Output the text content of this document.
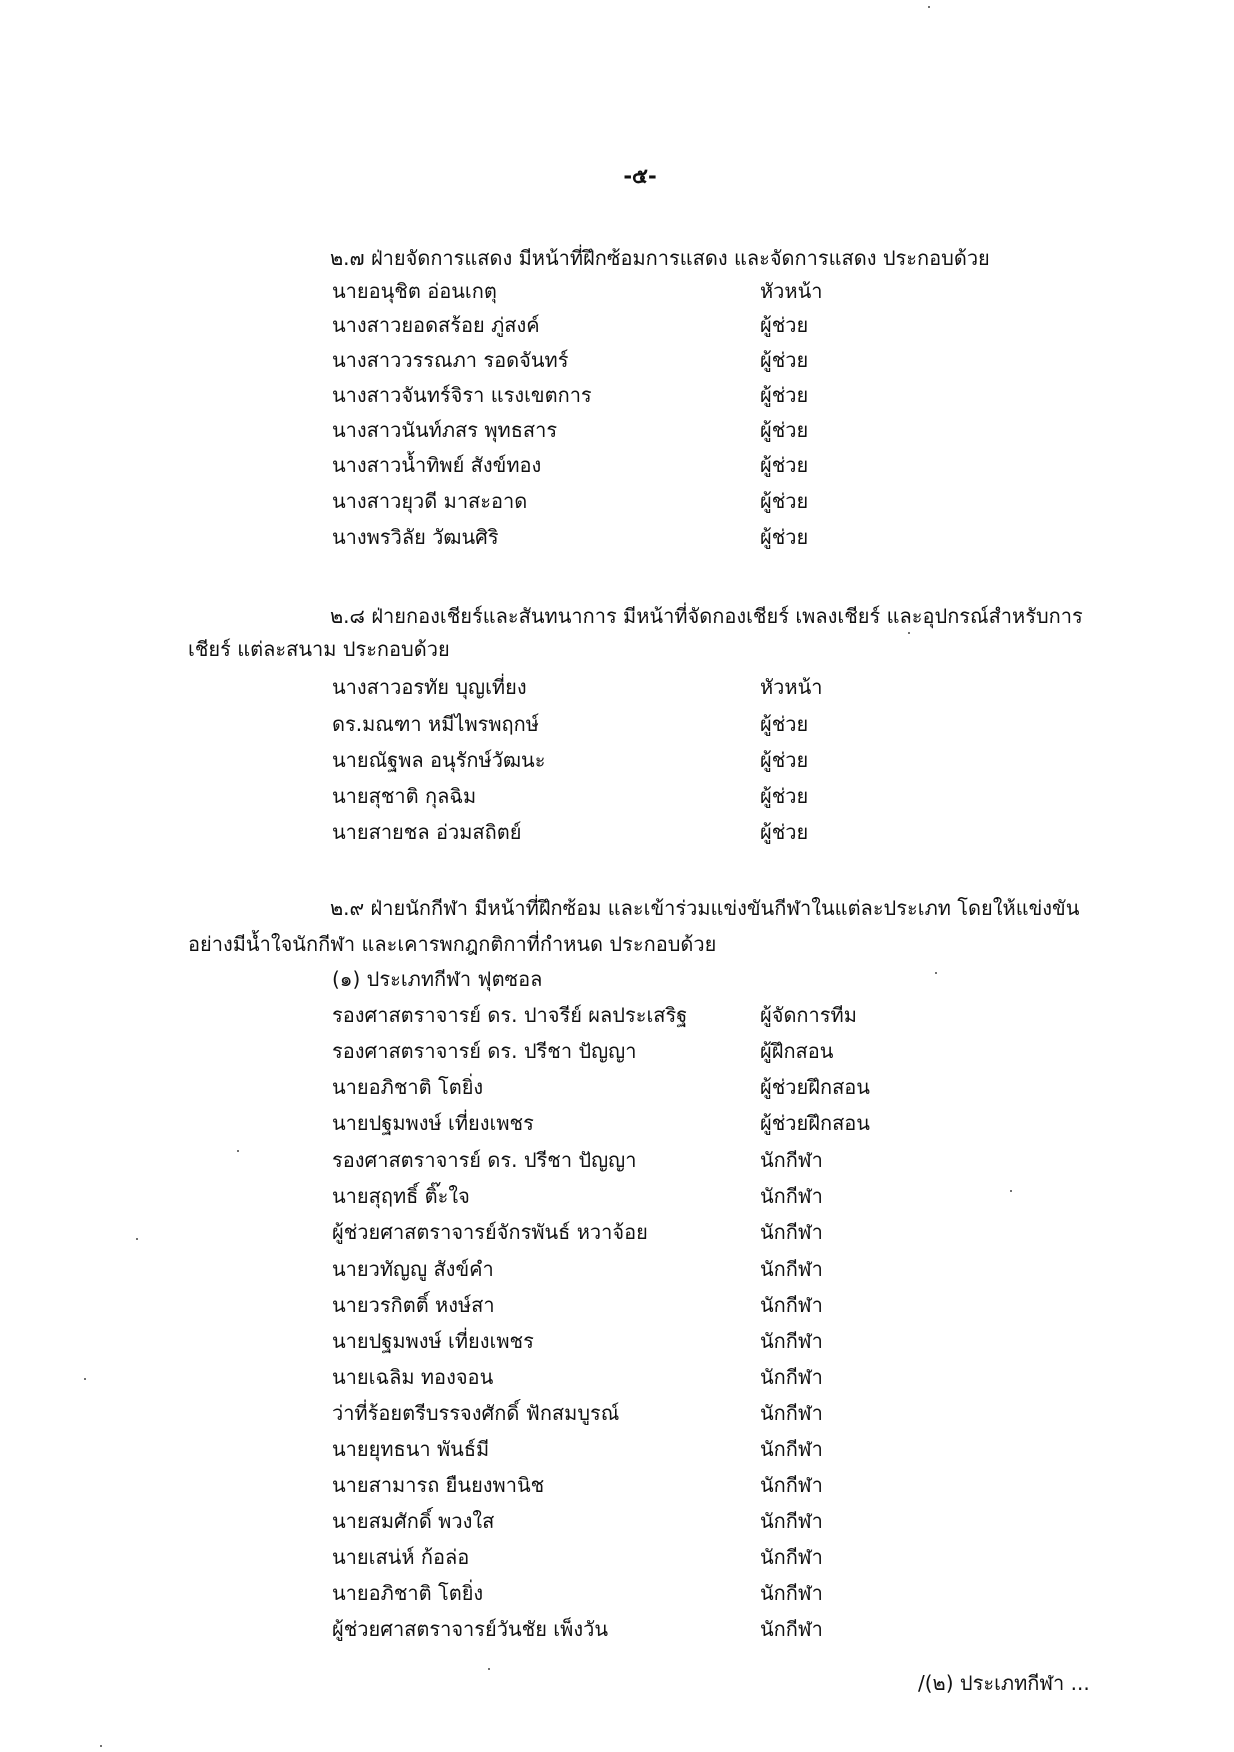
-๕-
๒.๗ ฝ่ายจัดการแสดง มีหน้าที่ฝึกซ้อมการแสดง และจัดการแสดง ประกอบด้วย
นายอนุชิต อ่อนเกตุ	หัวหน้า
นางสาวยอดสร้อย ภู่สงค์	ผู้ช่วย
นางสาววรรณภา รอดจันทร์	ผู้ช่วย
นางสาวจันทร์จิรา แรงเขตการ	ผู้ช่วย
นางสาวนันท์ภสร พุทธสาร	ผู้ช่วย
นางสาวน้ำทิพย์ สังข์ทอง	ผู้ช่วย
นางสาวยุวดี มาสะอาด	ผู้ช่วย
นางพรวิลัย วัฒนศิริ	ผู้ช่วย
๒.๘ ฝ่ายกองเชียร์และสันทนาการ มีหน้าที่จัดกองเชียร์ เพลงเชียร์ และอุปกรณ์สำหรับการ
เชียร์ แต่ละสนาม ประกอบด้วย
นางสาวอรทัย บุญเที่ยง	หัวหน้า
ดร.มณฑา หมีไพรพฤกษ์	ผู้ช่วย
นายณัฐพล อนุรักษ์วัฒนะ	ผู้ช่วย
นายสุชาติ กุลฉิม	ผู้ช่วย
นายสายชล อ่วมสถิตย์	ผู้ช่วย
๒.๙ ฝ่ายนักกีฬา มีหน้าที่ฝึกซ้อม และเข้าร่วมแข่งขันกีฬาในแต่ละประเภท โดยให้แข่งขัน
อย่างมีน้ำใจนักกีฬา และเคารพกฎกติกาที่กำหนด ประกอบด้วย
(๑) ประเภทกีฬา ฟุตซอล
รองศาสตราจารย์ ดร. ปาจรีย์ ผลประเสริฐ	ผู้จัดการทีม
รองศาสตราจารย์ ดร. ปรีชา ปัญญา	ผู้ฝึกสอน
นายอภิชาติ โตยิ่ง	ผู้ช่วยฝึกสอน
นายปฐมพงษ์ เที่ยงเพชร	ผู้ช่วยฝึกสอน
รองศาสตราจารย์ ดร. ปรีชา ปัญญา	นักกีฬา
นายสุฤทธิ์ ติ๊ะใจ	นักกีฬา
ผู้ช่วยศาสตราจารย์จักรพันธ์ หวาจ้อย	นักกีฬา
นายวทัญญู สังข์คำ	นักกีฬา
นายวรกิตติ์ หงษ์สา	นักกีฬา
นายปฐมพงษ์ เที่ยงเพชร	นักกีฬา
นายเฉลิม ทองจอน	นักกีฬา
ว่าที่ร้อยตรีบรรจงศักดิ์ ฟักสมบูรณ์	นักกีฬา
นายยุทธนา พันธ์มี	นักกีฬา
นายสามารถ ยืนยงพานิช	นักกีฬา
นายสมศักดิ์ พวงใส	นักกีฬา
นายเสน่ห์ ก้อล่อ	นักกีฬา
นายอภิชาติ โตยิ่ง	นักกีฬา
ผู้ช่วยศาสตราจารย์วันชัย เพ็งวัน	นักกีฬา
/(๒) ประเภทกีฬา ...
